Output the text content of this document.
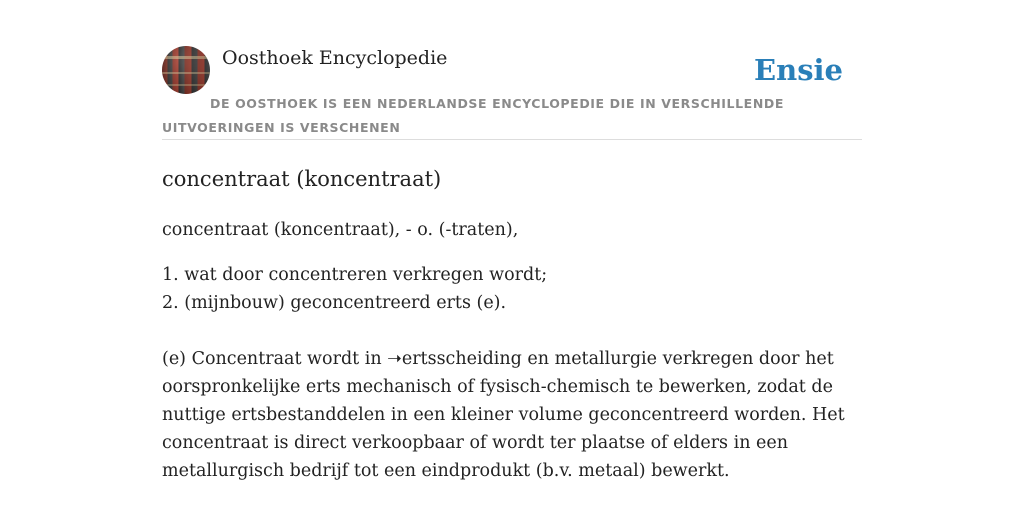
Oosthoek Encyclopedie	Ensie
DE OOSTHOEK IS EEN NEDERLANDSE ENCYCLOPEDIE DIE IN VERSCHILLENDE UITVOERINGEN IS VERSCHENEN
concentraat (koncentraat)

concentraat (koncentraat), - o. (-traten),

1. wat door concentreren verkregen wordt;
2. (mijnbouw) geconcentreerd erts (e).

(e) Concentraat wordt in ➝ertsscheiding en metallurgie verkregen door het oorspronkelijke erts mechanisch of fysisch-chemisch te bewerken, zodat de nuttige ertsbestanddelen in een kleiner volume geconcentreerd worden. Het concentraat is direct verkoopbaar of wordt ter plaatse of elders in een metallurgisch bedrijf tot een eindprodukt (b.v. metaal) bewerkt.
